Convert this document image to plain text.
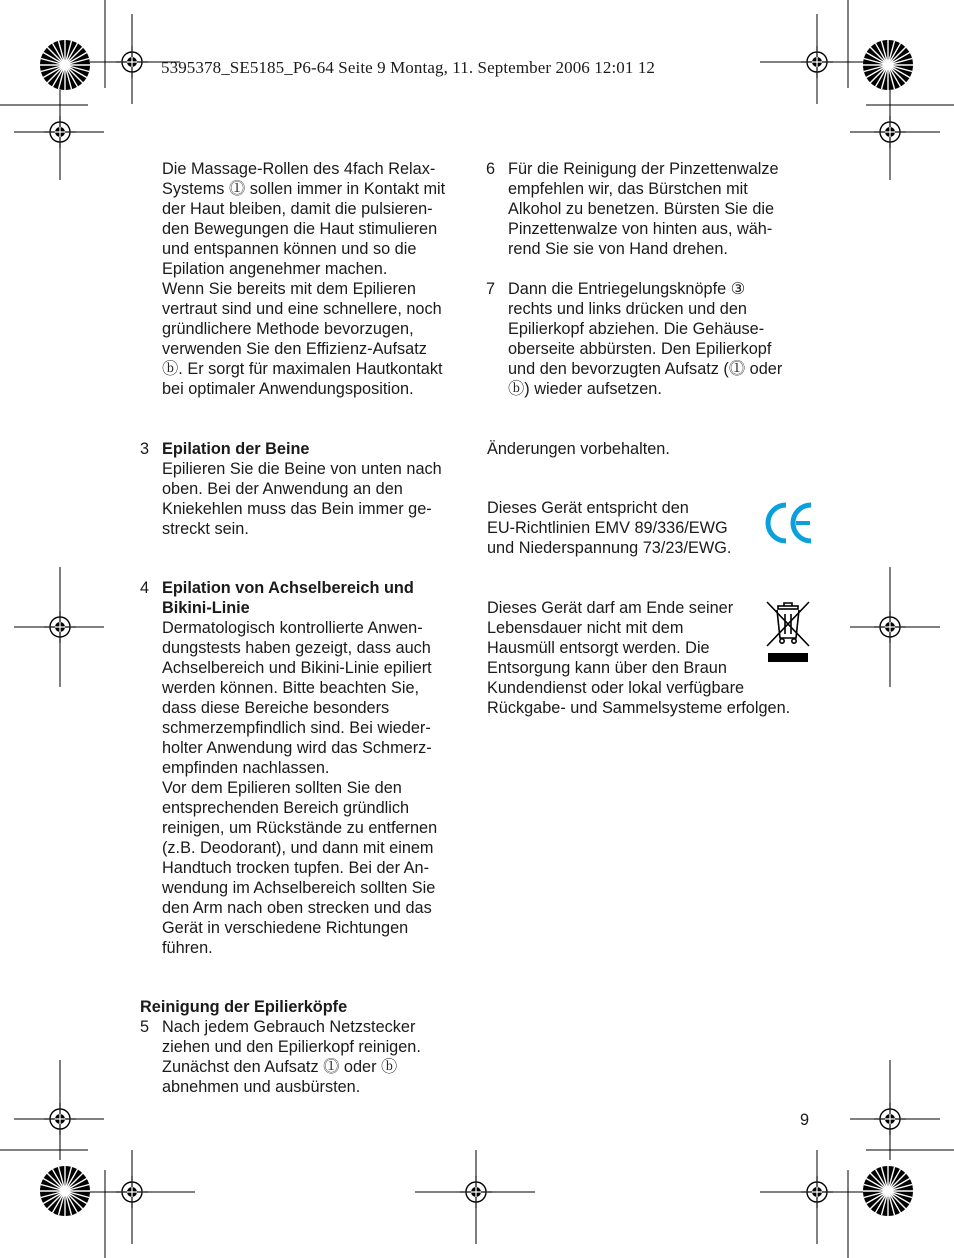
5395378_SE5185_P6-64 Seite 9 Montag, 11. September 2006 12:01 12
Die Massage-Rollen des 4fach Relax-
Systems ⓵ sollen immer in Kontakt mit
der Haut bleiben, damit die pulsieren-
den Bewegungen die Haut stimulieren
und entspannen können und so die
Epilation angenehmer machen.
Wenn Sie bereits mit dem Epilieren
vertraut sind und eine schnellere, noch
gründlichere Methode bevorzugen,
verwenden Sie den Effizienz-Aufsatz
ⓑ. Er sorgt für maximalen Hautkontakt
bei optimaler Anwendungsposition.
3 Epilation der Beine
Epilieren Sie die Beine von unten nach
oben. Bei der Anwendung an den
Kniekehlen muss das Bein immer ge-
streckt sein.
4 Epilation von Achselbereich und
Bikini-Linie
Dermatologisch kontrollierte Anwen-
dungstests haben gezeigt, dass auch
Achselbereich und Bikini-Linie epiliert
werden können. Bitte beachten Sie,
dass diese Bereiche besonders
schmerzempfindlich sind. Bei wieder-
holter Anwendung wird das Schmerz-
empfinden nachlassen.
Vor dem Epilieren sollten Sie den
entsprechenden Bereich gründlich
reinigen, um Rückstände zu entfernen
(z.B. Deodorant), und dann mit einem
Handtuch trocken tupfen. Bei der An-
wendung im Achselbereich sollten Sie
den Arm nach oben strecken und das
Gerät in verschiedene Richtungen
führen.
Reinigung der Epilierköpfe
5 Nach jedem Gebrauch Netzstecker
ziehen und den Epilierkopf reinigen.
Zunächst den Aufsatz ⓵ oder ⓑ
abnehmen und ausbürsten.
6 Für die Reinigung der Pinzettenwalze
empfehlen wir, das Bürstchen mit
Alkohol zu benetzen. Bürsten Sie die
Pinzettenwalze von hinten aus, wäh-
rend Sie sie von Hand drehen.
7 Dann die Entriegelungsknöpfe ③
rechts und links drücken und den
Epilierkopf abziehen. Die Gehäuse-
oberseite abbürsten. Den Epilierkopf
und den bevorzugten Aufsatz (⓵ oder
ⓑ) wieder aufsetzen.
Änderungen vorbehalten.
Dieses Gerät entspricht den
EU-Richtlinien EMV 89/336/EWG
und Niederspannung 73/23/EWG.
Dieses Gerät darf am Ende seiner
Lebensdauer nicht mit dem
Hausmüll entsorgt werden. Die
Entsorgung kann über den Braun
Kundendienst oder lokal verfügbare
Rückgabe- und Sammelsysteme erfolgen.
9
